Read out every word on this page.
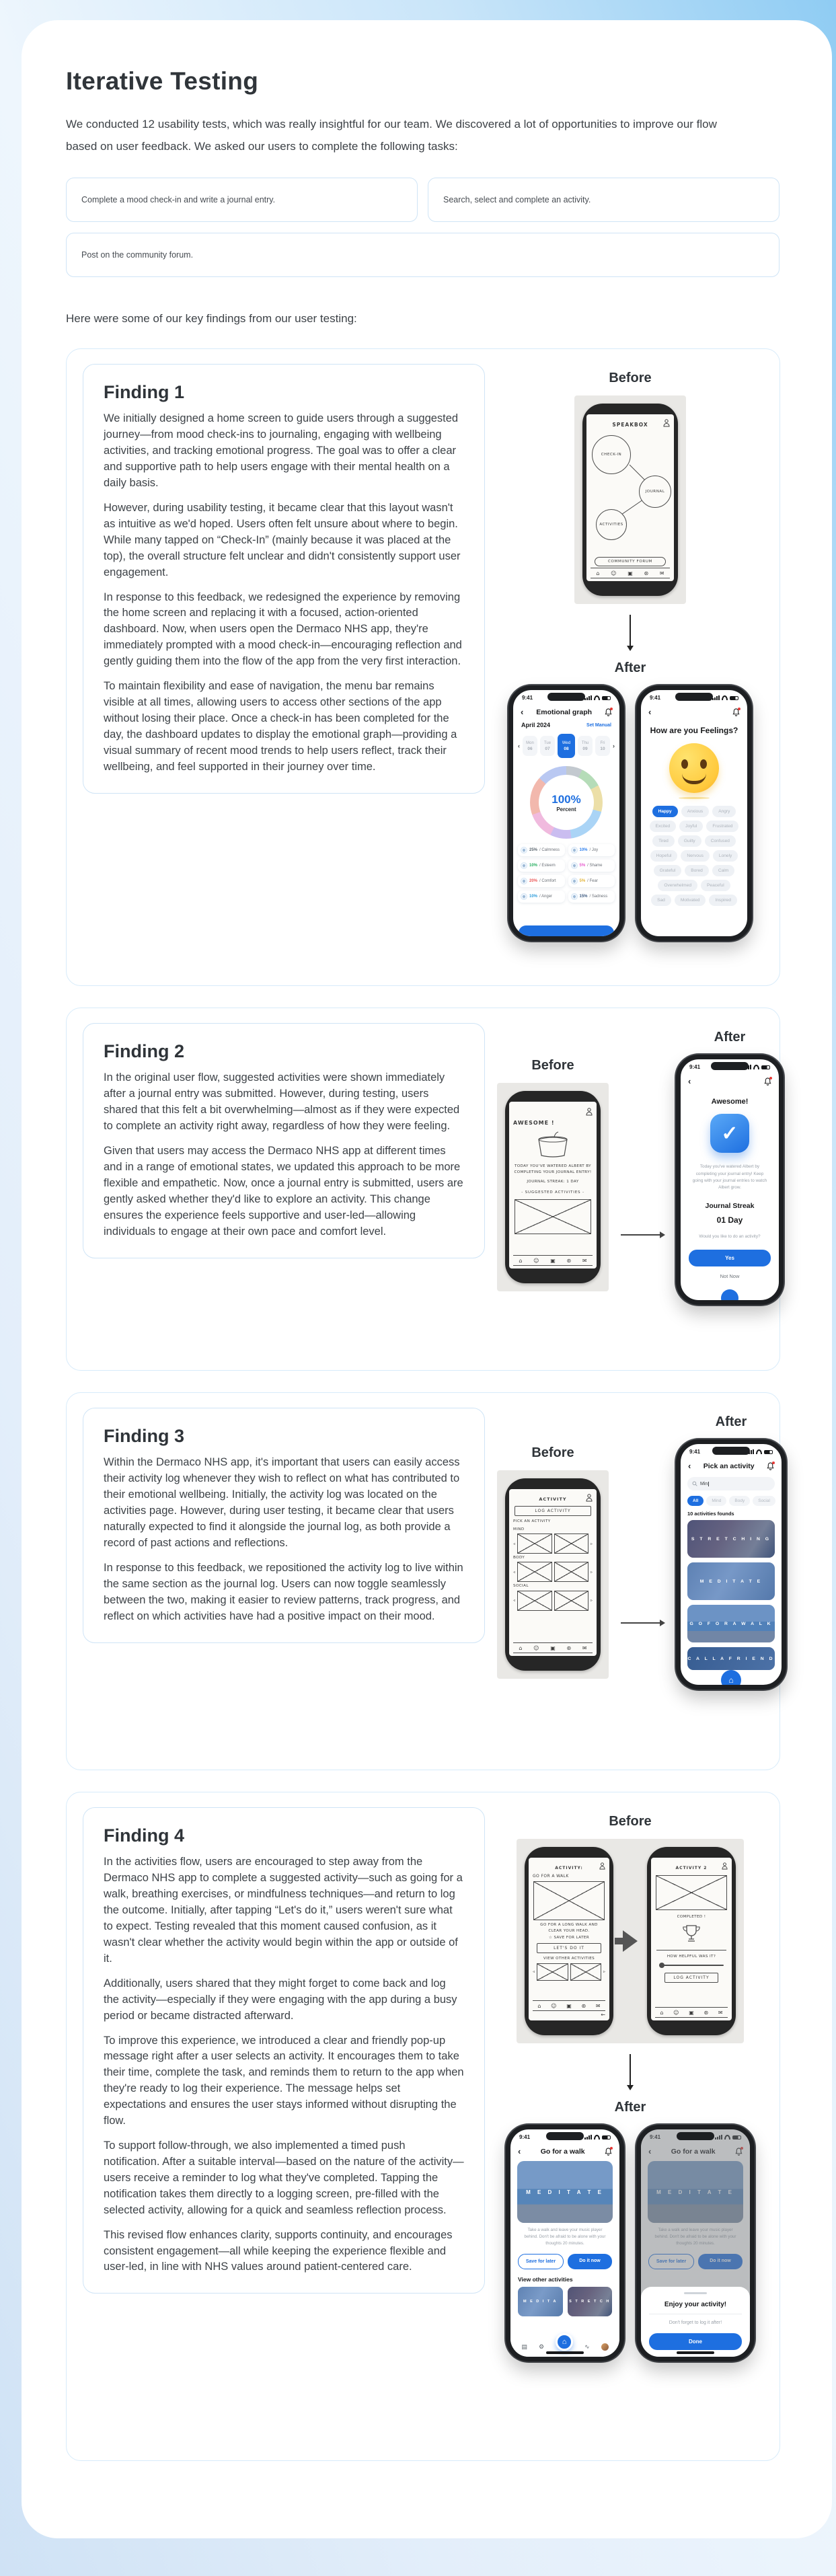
Iterative Testing

We conducted 12 usability tests, which was really insightful for our team. We discovered a lot of opportunities to improve our flow based on user feedback. We asked our users to complete the following tasks:

Complete a mood check-in and write a journal entry.	Search, select and complete an activity.
Post on the community forum.

Here were some of our key findings from our user testing:

Finding 1

We initially designed a home screen to guide users through a suggested journey—from mood check-ins to journaling, engaging with wellbeing activities, and tracking emotional progress. The goal was to offer a clear and supportive path to help users engage with their mental health on a daily basis.

However, during usability testing, it became clear that this layout wasn't as intuitive as we'd hoped. Users often felt unsure about where to begin. While many tapped on “Check-In” (mainly because it was placed at the top), the overall structure felt unclear and didn't consistently support user engagement.

In response to this feedback, we redesigned the experience by removing the home screen and replacing it with a focused, action-oriented dashboard. Now, when users open the Dermaco NHS app, they're immediately prompted with a mood check-in—encouraging reflection and gently guiding them into the flow of the app from the very first interaction.

To maintain flexibility and ease of navigation, the menu bar remains visible at all times, allowing users to access other sections of the app without losing their place. Once a check-in has been completed for the day, the dashboard updates to display the emotional graph—providing a visual summary of recent mood trends to help users reflect, track their wellbeing, and feel supported in their journey over time.

Before
SPEAKBOX
CHECK-IN
JOURNAL
ACTIVITIES
COMMUNITY FORUM
⌂ ☺ ▣ ⊛ ✉
After
9:41
‹ Emotional graph
April 2024	Set Manual
‹ Mon
06
Tue
07
Wed
08
Thu
09
Fri
10 ›
100%
Percent
25% / Calmness	10% / Joy
10% / Esteem	5% / Shame
20% / Comfort	5% / Fear
10% / Anger	15% / Sadness
9:41
‹
How are you Feelings?
Happy	Anxious	Angry
Excited	Joyful	Frustrated
Tired	Guilty	Confused
Hopeful	Nervous	Lonely
Grateful	Bored	Calm
Overwhelmed	Peaceful
Sad	Motivated	Inspired
Finding 2

In the original user flow, suggested activities were shown immediately after a journal entry was submitted. However, during testing, users shared that this felt a bit overwhelming—almost as if they were expected to complete an activity right away, regardless of how they were feeling.

Given that users may access the Dermaco NHS app at different times and in a range of emotional states, we updated this approach to be more flexible and empathetic. Now, once a journal entry is submitted, users are gently asked whether they'd like to explore an activity. This change ensures the experience feels supportive and user-led—allowing individuals to engage at their own pace and comfort level.

Before
AWESOME !
TODAY YOU'VE WATERED ALBERT BY COMPLETING YOUR JOURNAL ENTRY!
JOURNAL STREAK: 1 DAY
- SUGGESTED ACTIVITIES -
⌂ ☺ ▣ ⊛ ✉
After
9:41
‹
Awesome!
✓
Today you've watered Albert by completing your journal entry! Keep going with your journal entries to watch Albert grow.
Journal Streak
01 Day
Would you like to do an activity?
Yes
Not Now
Finding 3

Within the Dermaco NHS app, it's important that users can easily access their activity log whenever they wish to reflect on what has contributed to their emotional wellbeing. Initially, the activity log was located on the activities page. However, during user testing, it became clear that users naturally expected to find it alongside the journal log, as both provide a record of past actions and reflections.

In response to this feedback, we repositioned the activity log to live within the same section as the journal log. Users can now toggle seamlessly between the two, making it easier to review patterns, track progress, and reflect on which activities have had a positive impact on their mood.

Before
ACTIVITY
LOG ACTIVITY
PICK AN ACTIVITY
MIND
◃	▹
BODY
◃	▹
SOCIAL
◃	▹
⌂ ☺ ▣ ⊛ ✉
After
9:41
‹ Pick an activity
Min
All	Mind	Body	Social
10 activities founds
S T R E T C H I N G
M E D I T A T E
G O F O R A W A L K
C A L L A F R I E N D
⌂
Finding 4

In the activities flow, users are encouraged to step away from the Dermaco NHS app to complete a suggested activity—such as going for a walk, breathing exercises, or mindfulness techniques—and return to log the outcome. Initially, after tapping “Let's do it,” users weren't sure what to expect. Testing revealed that this moment caused confusion, as it wasn't clear whether the activity would begin within the app or outside of it.

Additionally, users shared that they might forget to come back and log the activity—especially if they were engaging with the app during a busy period or became distracted afterward.

To improve this experience, we introduced a clear and friendly pop-up message right after a user selects an activity. It encourages them to take their time, complete the task, and reminds them to return to the app when they're ready to log their experience. The message helps set expectations and ensures the user stays informed without disrupting the flow.

To support follow-through, we also implemented a timed push notification. After a suitable interval—based on the nature of the activity—users receive a reminder to log what they've completed. Tapping the notification takes them directly to a logging screen, pre-filled with the selected activity, allowing for a quick and seamless reflection process.

This revised flow enhances clarity, supports continuity, and encourages consistent engagement—all while keeping the experience flexible and user-led, in line with NHS values around patient-centered care.

Before
ACTIVITY:
GO FOR A WALK
GO FOR A LONG WALK AND CLEAR YOUR HEAD.
☆ SAVE FOR LATER
LET'S DO IT
VIEW OTHER ACTIVITIES
◃	▹
⌂ ☺ ▣ ⊛ ✉
←
ACTIVITY 2
COMPLETED !
HOW HELPFUL WAS IT?
LOG ACTIVITY
⌂ ☺ ▣ ⊛ ✉
After
9:41
‹	Go for a walk
M E D I T A T E
Take a walk and leave your music player behind. Don't be afraid to be alone with your thoughts 20 minutes.
Save for later	Do it now
View other activities
M E D I T A	S T R E T C H
▤ ⚙
⌂
∿
Enjoy your activity!
Don't forget to log it after!
Done
